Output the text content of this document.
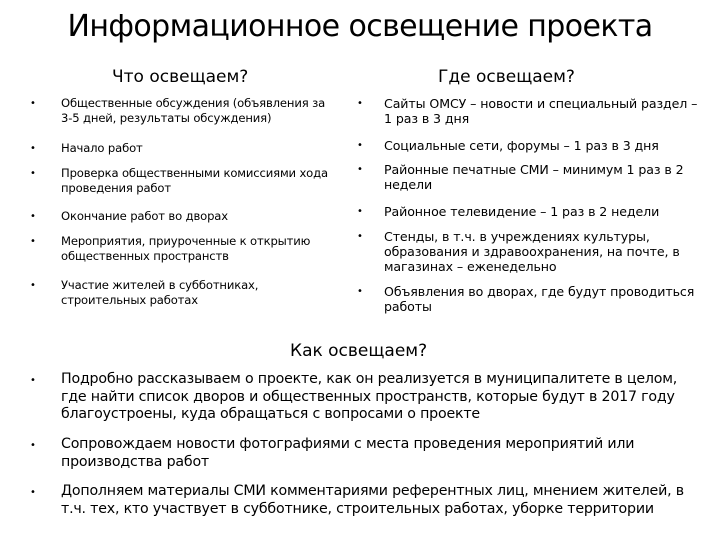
Информационное освещение проекта
Что освещаем?	Где освещаем?
• Общественные обсуждения (объявления за 3-5 дней, результаты обсуждения)
• Начало работ
• Проверка общественными комиссиями хода проведения работ
• Окончание работ во дворах
• Мероприятия, приуроченные к открытию общественных пространств
• Участие жителей в субботниках, строительных работах
• Сайты ОМСУ – новости и специальный раздел – 1 раз в 3 дня
• Социальные сети, форумы – 1 раз в 3 дня
• Районные печатные СМИ – минимум 1 раз в 2 недели
• Районное телевидение – 1 раз в 2 недели
• Стенды, в т.ч. в учреждениях культуры, образования и здравоохранения, на почте, в магазинах – еженедельно
• Объявления во дворах, где будут проводиться работы
Как освещаем?
• Подробно рассказываем о проекте, как он реализуется в муниципалитете в целом, где найти список дворов и общественных пространств, которые будут в 2017 году благоустроены, куда обращаться с вопросами о проекте
• Сопровождаем новости фотографиями с места проведения мероприятий или производства работ
• Дополняем материалы СМИ комментариями референтных лиц, мнением жителей, в т.ч. тех, кто участвует в субботнике, строительных работах, уборке территории
